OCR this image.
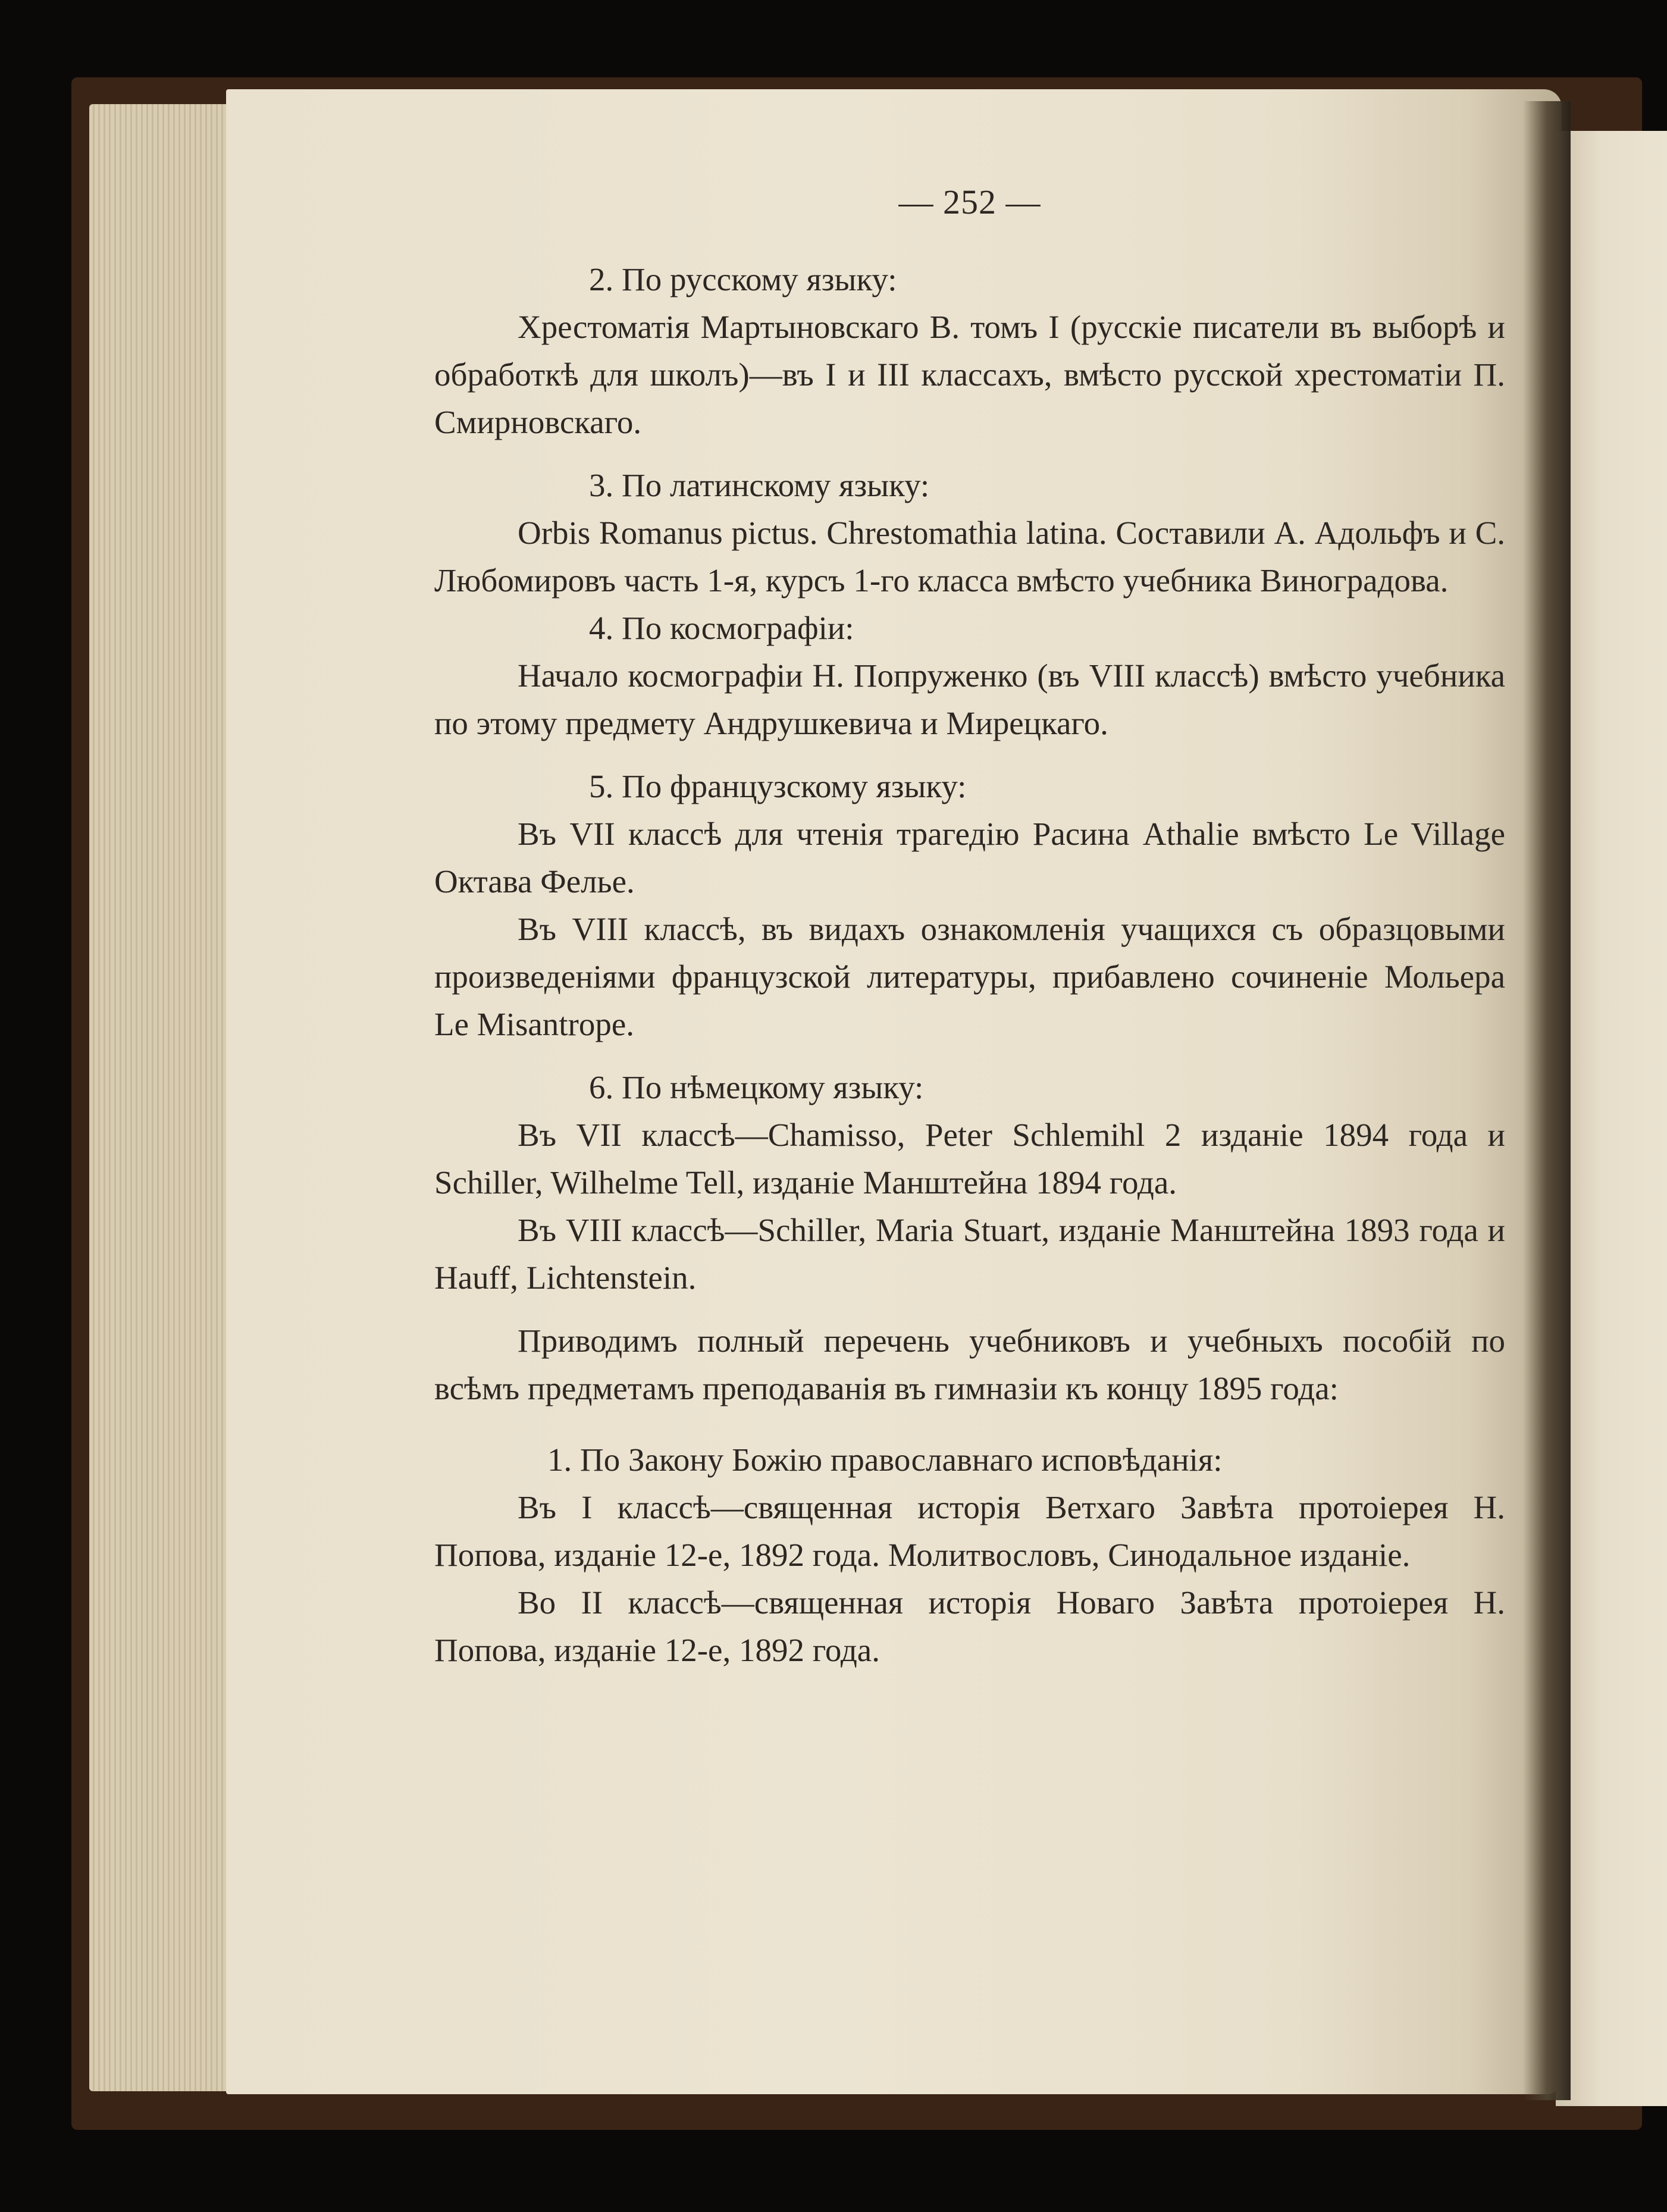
— 252 —

2. По русскому языку:

Хрестоматія Мартыновскаго В. томъ I (русскіе писатели въ выборѣ и обработкѣ для школъ)—въ I и III классахъ, вмѣсто русской хрестоматіи П. Смирновскаго.

3. По латинскому языку:

Orbis Romanus pictus. Chrestomathia latina. Составили А. Адольфъ и С. Любомировъ часть 1-я, курсъ 1-го класса вмѣсто учебника Виноградова.

4. По космографіи:

Начало космографіи Н. Попруженко (въ VIII классѣ) вмѣсто учебника по этому предмету Андрушкевича и Мирецкаго.

5. По французскому языку:

Въ VII классѣ для чтенія трагедію Расина Athalie вмѣсто Le Village Октава Фелье.

Въ VIII классѣ, въ видахъ ознакомленія учащихся съ образцовыми произведеніями французской литературы, прибавлено сочиненіе Мольера Le Misantrope.

6. По нѣмецкому языку:

Въ VII классѣ—Chamisso, Peter Schlemihl 2 изданіе 1894 года и Schiller, Wilhelme Tell, изданіе Манштейна 1894 года.

Въ VIII классѣ—Schiller, Maria Stuart, изданіе Манштейна 1893 года и Hauff, Lichtenstein.

Приводимъ полный перечень учебниковъ и учебныхъ пособій по всѣмъ предметамъ преподаванія въ гимназіи къ концу 1895 года:

1. По Закону Божію православнаго исповѣданія:

Въ I классѣ—священная исторія Ветхаго Завѣта протоіерея Н. Попова, изданіе 12-е, 1892 года. Молитвословъ, Синодальное изданіе.

Во II классѣ—священная исторія Новаго Завѣта протоіерея Н. Попова, изданіе 12-е, 1892 года.
